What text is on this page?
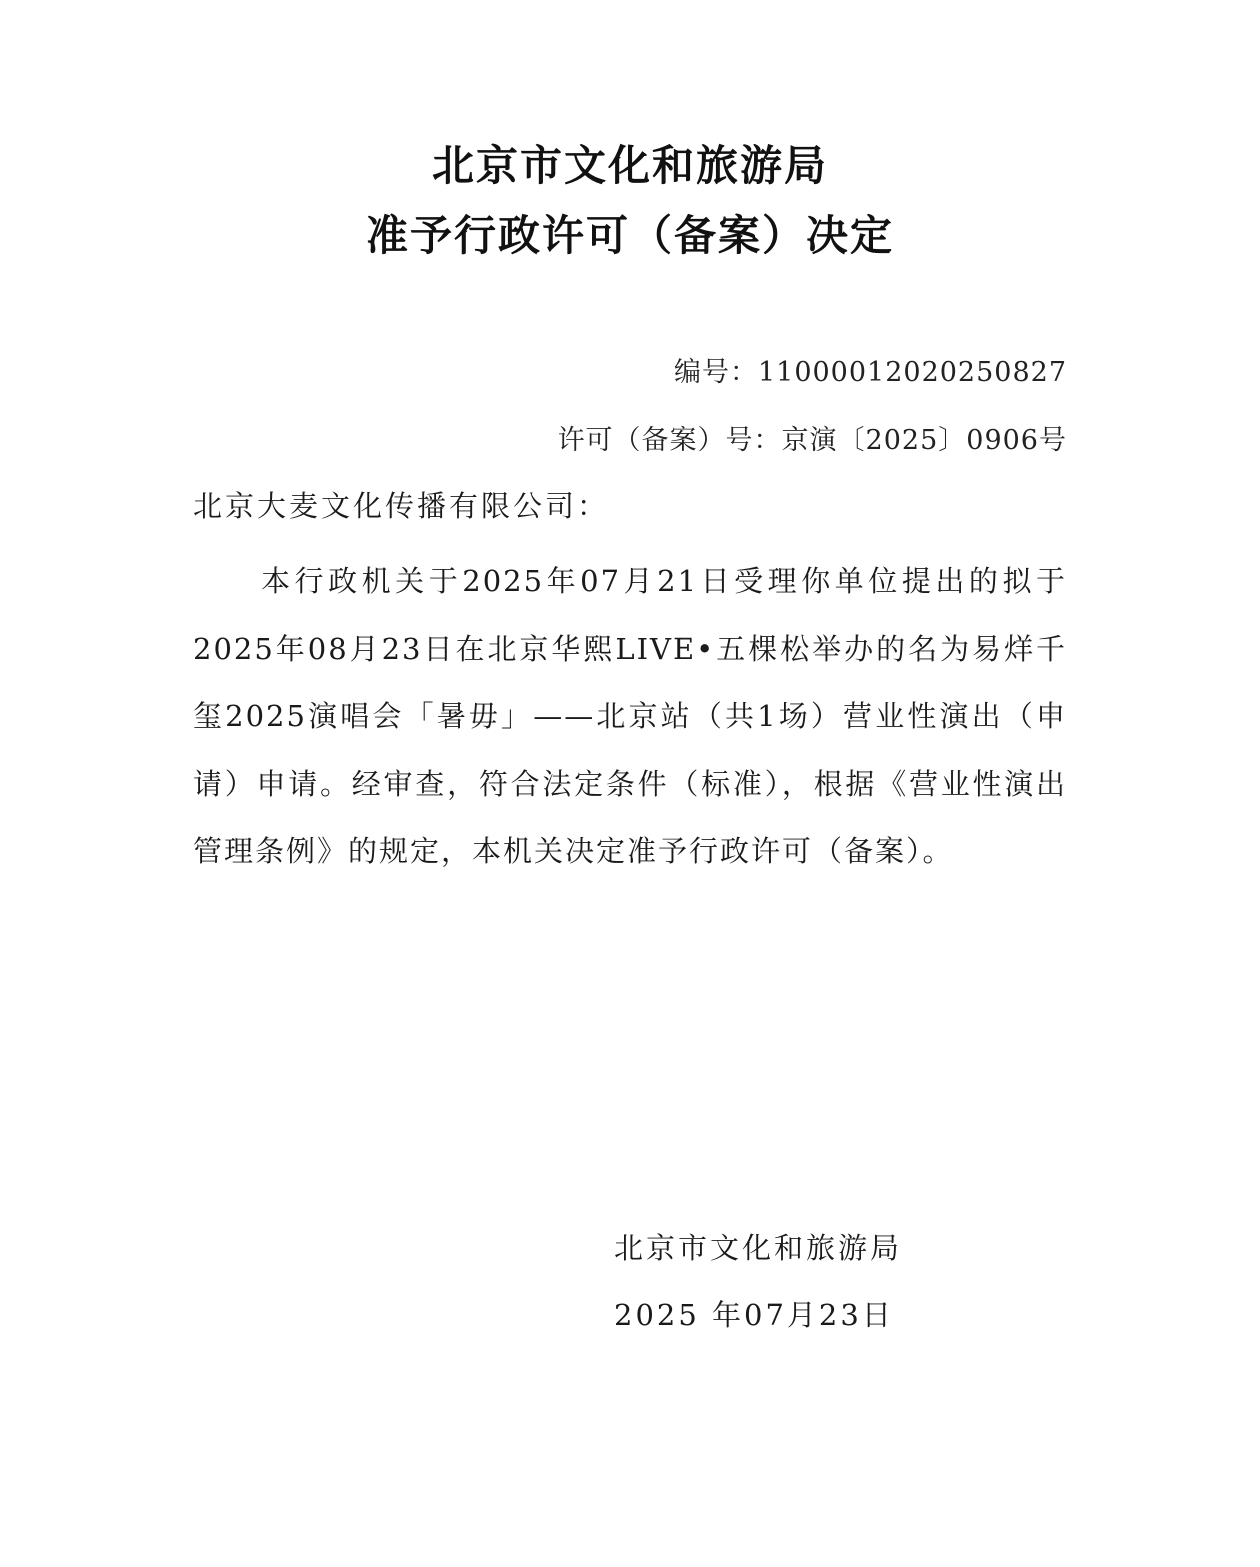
北京市文化和旅游局
准予行政许可（备案）决定
编号：11000012020250827
许可（备案）号：京演〔2025〕0906号
北京大麦文化传播有限公司：
本行政机关于2025年07月21日受理你单位提出的拟于2025年08月23日在北京华熙LIVE•五棵松举办的名为易烊千玺2025演唱会「暑毋」——北京站（共1场）营业性演出（申请）申请。经审查，符合法定条件（标准），根据《营业性演出管理条例》的规定，本机关决定准予行政许可（备案）。
北京市文化和旅游局
2025 年07月23日
